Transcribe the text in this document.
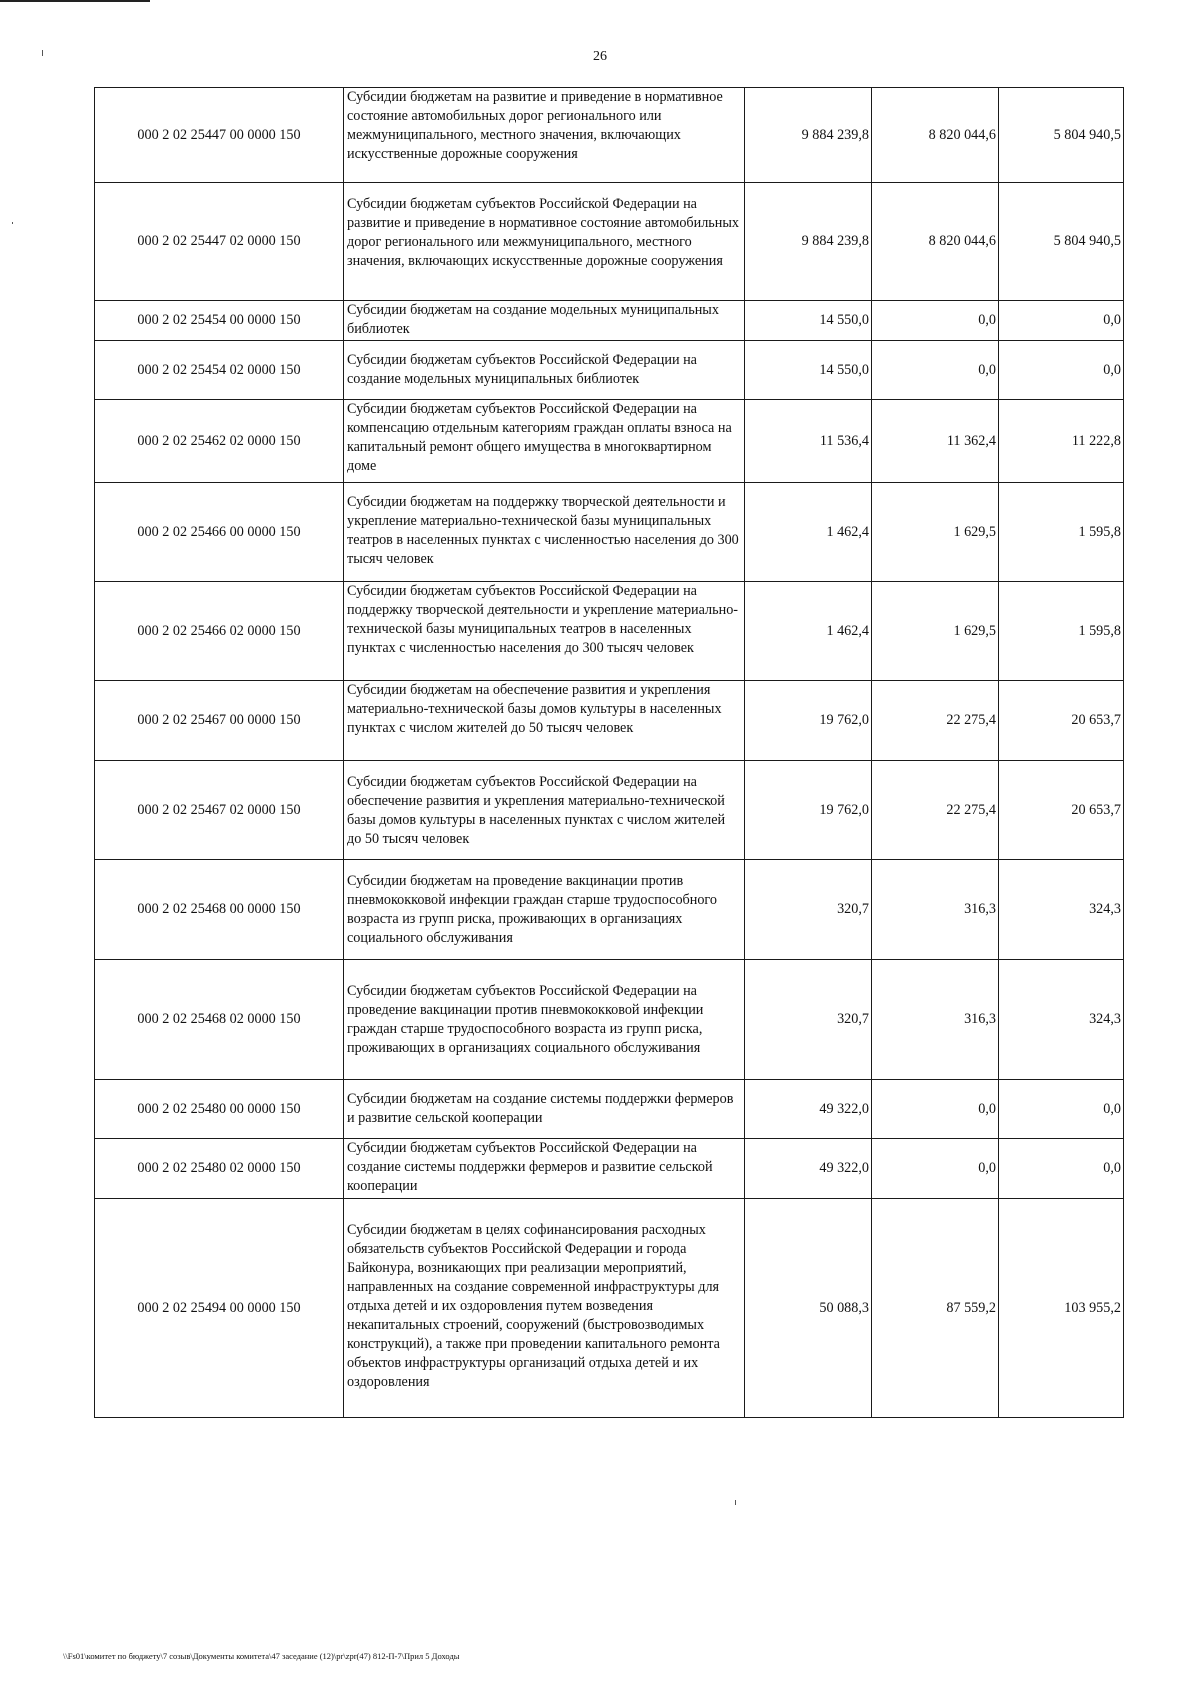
26
000 2 02 25447 00 0000 150	Субсидии бюджетам на развитие и приведение в нормативное состояние автомобильных дорог регионального или межмуниципального, местного значения, включающих искусственные дорожные сооружения	9 884 239,8	8 820 044,6	5 804 940,5
000 2 02 25447 02 0000 150	Субсидии бюджетам субъектов Российской Федерации на развитие и приведение в нормативное состояние автомобильных дорог регионального или межмуниципального, местного значения, включающих искусственные дорожные сооружения	9 884 239,8	8 820 044,6	5 804 940,5
000 2 02 25454 00 0000 150	Субсидии бюджетам на создание модельных муниципальных библиотек	14 550,0	0,0	0,0
000 2 02 25454 02 0000 150	Субсидии бюджетам субъектов Российской Федерации на создание модельных муниципальных библиотек	14 550,0	0,0	0,0
000 2 02 25462 02 0000 150	Субсидии бюджетам субъектов Российской Федерации на компенсацию отдельным категориям граждан оплаты взноса на капитальный ремонт общего имущества в многоквартирном доме	11 536,4	11 362,4	11 222,8
000 2 02 25466 00 0000 150	Субсидии бюджетам на поддержку творческой деятельности и укрепление материально-технической базы муниципальных театров в населенных пунктах с численностью населения до 300 тысяч человек	1 462,4	1 629,5	1 595,8
000 2 02 25466 02 0000 150	Субсидии бюджетам субъектов Российской Федерации на поддержку творческой деятельности и укрепление материально-технической базы муниципальных театров в населенных пунктах с численностью населения до 300 тысяч человек	1 462,4	1 629,5	1 595,8
000 2 02 25467 00 0000 150	Субсидии бюджетам на обеспечение развития и укрепления материально-технической базы домов культуры в населенных пунктах с числом жителей до 50 тысяч человек	19 762,0	22 275,4	20 653,7
000 2 02 25467 02 0000 150	Субсидии бюджетам субъектов Российской Федерации на обеспечение развития и укрепления материально-технической базы домов культуры в населенных пунктах с числом жителей до 50 тысяч человек	19 762,0	22 275,4	20 653,7
000 2 02 25468 00 0000 150	Субсидии бюджетам на проведение вакцинации против пневмококковой инфекции граждан старше трудоспособного возраста из групп риска, проживающих в организациях социального обслуживания	320,7	316,3	324,3
000 2 02 25468 02 0000 150	Субсидии бюджетам субъектов Российской Федерации на проведение вакцинации против пневмококковой инфекции граждан старше трудоспособного возраста из групп риска, проживающих в организациях социального обслуживания	320,7	316,3	324,3
000 2 02 25480 00 0000 150	Субсидии бюджетам на создание системы поддержки фермеров и развитие сельской кооперации	49 322,0	0,0	0,0
000 2 02 25480 02 0000 150	Субсидии бюджетам субъектов Российской Федерации на создание системы поддержки фермеров и развитие сельской кооперации	49 322,0	0,0	0,0
000 2 02 25494 00 0000 150	Субсидии бюджетам в целях софинансирования расходных обязательств субъектов Российской Федерации и города Байконура, возникающих при реализации мероприятий, направленных на создание современной инфраструктуры для отдыха детей и их оздоровления путем возведения некапитальных строений, сооружений (быстровозводимых конструкций), а также при проведении капитального ремонта объектов инфраструктуры организаций отдыха детей и их оздоровления	50 088,3	87 559,2	103 955,2
\\Fs01\комитет по бюджету\7 созыв\Документы комитета\47 заседание (12)\pr\zpr(47) 812-П-7\Прил 5 Доходы
